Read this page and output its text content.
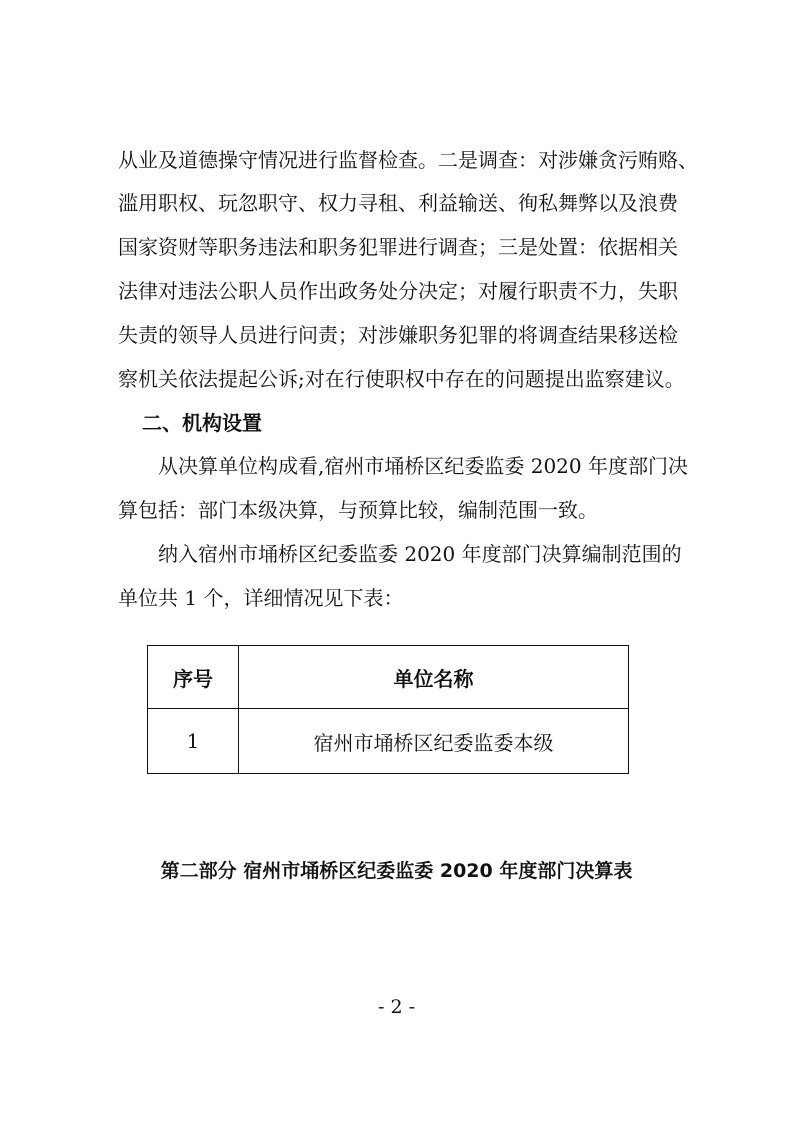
从业及道德操守情况进行监督检查。二是调查：对涉嫌贪污贿赂、
滥用职权、玩忽职守、权力寻租、利益输送、徇私舞弊以及浪费
国家资财等职务违法和职务犯罪进行调查；三是处置：依据相关
法律对违法公职人员作出政务处分决定；对履行职责不力，失职
失责的领导人员进行问责；对涉嫌职务犯罪的将调查结果移送检
察机关依法提起公诉;对在行使职权中存在的问题提出监察建议。
二、机构设置
从决算单位构成看,宿州市埇桥区纪委监委 2020 年度部门决
算包括：部门本级决算，与预算比较，编制范围一致。
纳入宿州市埇桥区纪委监委 2020 年度部门决算编制范围的
单位共 1 个，详细情况见下表：
序号	单位名称
1	宿州市埇桥区纪委监委本级
第二部分 宿州市埇桥区纪委监委 2020 年度部门决算表
- 2 -
